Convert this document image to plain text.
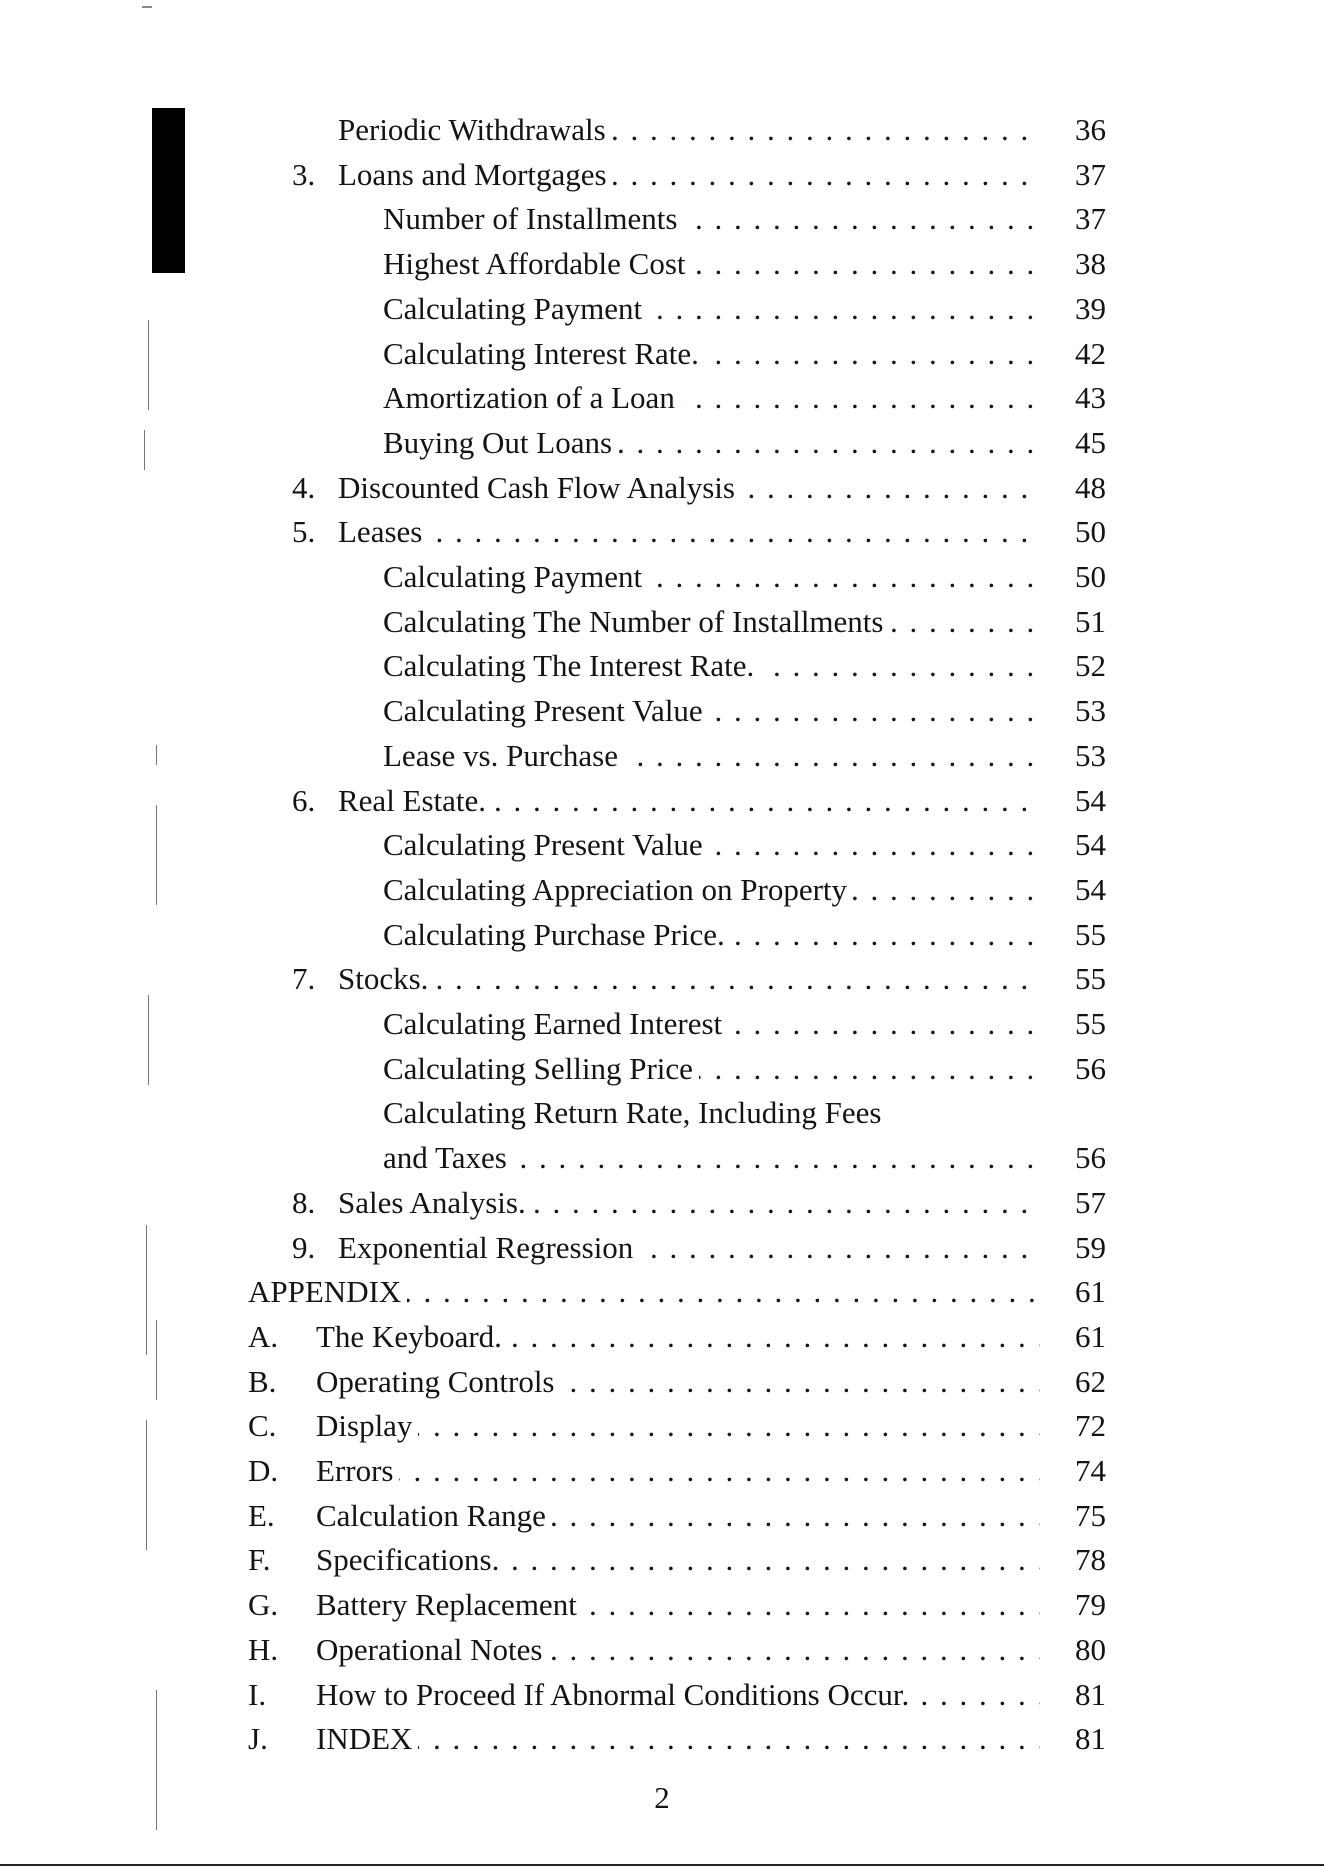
Periodic Withdrawals . . .	36
3. Loans and Mortgages . . .	37
Number of Installments . . .	37
Highest Affordable Cost . . .	38
Calculating Payment . . .	39
Calculating Interest Rate. . . .	42
Amortization of a Loan . . .	43
Buying Out Loans . . .	45
4. Discounted Cash Flow Analysis . . .	48
5. Leases . . .	50
Calculating Payment . . .	50
Calculating The Number of Installments . . .	51
Calculating The Interest Rate. . . .	52
Calculating Present Value . . .	53
Lease vs. Purchase . . .	53
6. Real Estate. . . .	54
Calculating Present Value . . .	54
Calculating Appreciation on Property . . .	54
Calculating Purchase Price. . . .	55
7. Stocks. . . .	55
Calculating Earned Interest . . .	55
Calculating Selling Price . . .	56
Calculating Return Rate, Including Fees
and Taxes . . .	56
8. Sales Analysis. . . .	57
9. Exponential Regression . . .	59
APPENDIX . . .	61
A. The Keyboard. . . .	61
B. Operating Controls . . .	62
C. Display . . .	72
D. Errors . . .	74
E. Calculation Range . . .	75
F. Specifications. . . .	78
G. Battery Replacement . . .	79
H. Operational Notes . . .	80
I. How to Proceed If Abnormal Conditions Occur. . . .	81
J. INDEX . . .	81
2
